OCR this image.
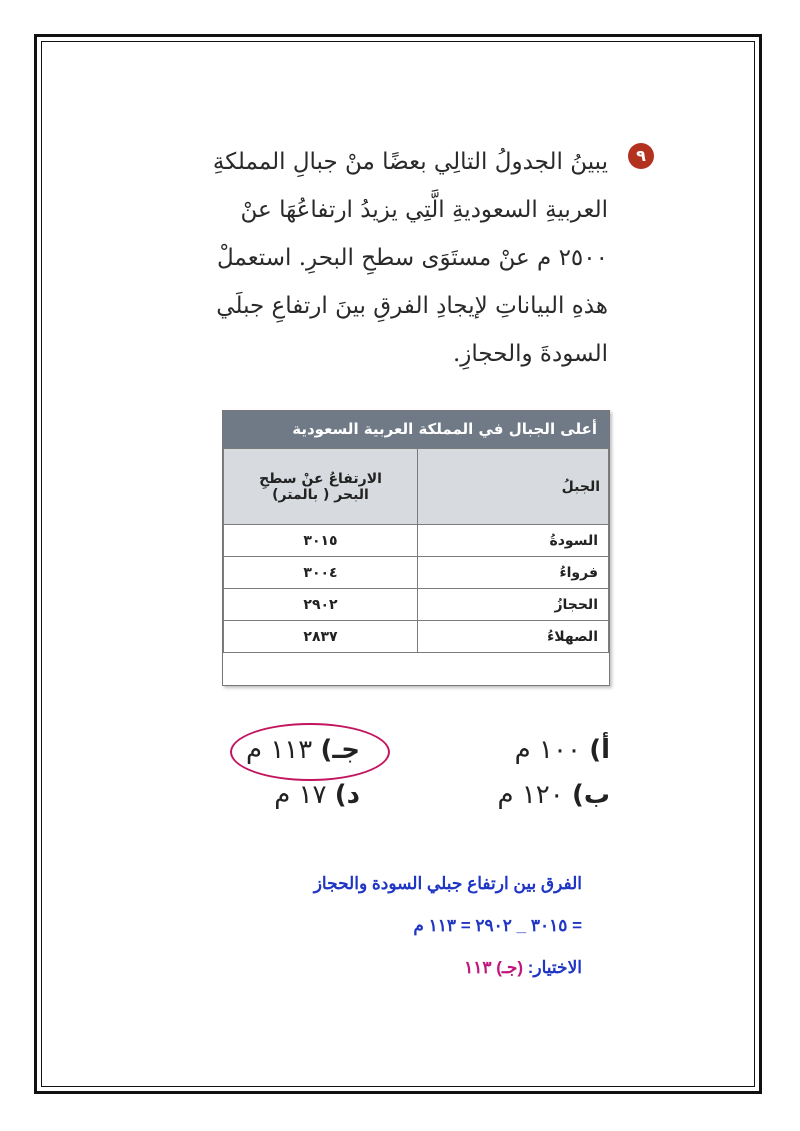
٩
يبينُ الجدولُ التالِي بعضًا منْ جبالِ المملكةِ
العربيةِ السعوديةِ الَّتِي يزيدُ ارتفاعُهَا عنْ
٢٥٠٠ م عنْ مستَوَى سطحِ البحرِ. استعملْ
هذهِ البياناتِ لإيجادِ الفرقِ بينَ ارتفاعِ جبلَي
السودةَ والحجازِ.
أعلى الجبال في المملكة العربية السعودية
الجبلُ	الارتفاعُ عنْ سطحِ
البحر ( بالمتر)

السودةُ	٣٠١٥
فرواءُ	٣٠٠٤
الحجازُ	٢٩٠٢
الصهلاءُ	٢٨٣٧
أ) ١٠٠ م
ب) ١٢٠ م
جـ) ١١٣ م
د) ١٧ م
الفرق بين ارتفاع جبلي السودة والحجاز
= ٣٠١٥ _ ٢٩٠٢ = ١١٣ م
الاختيار: (جـ) ١١٣
